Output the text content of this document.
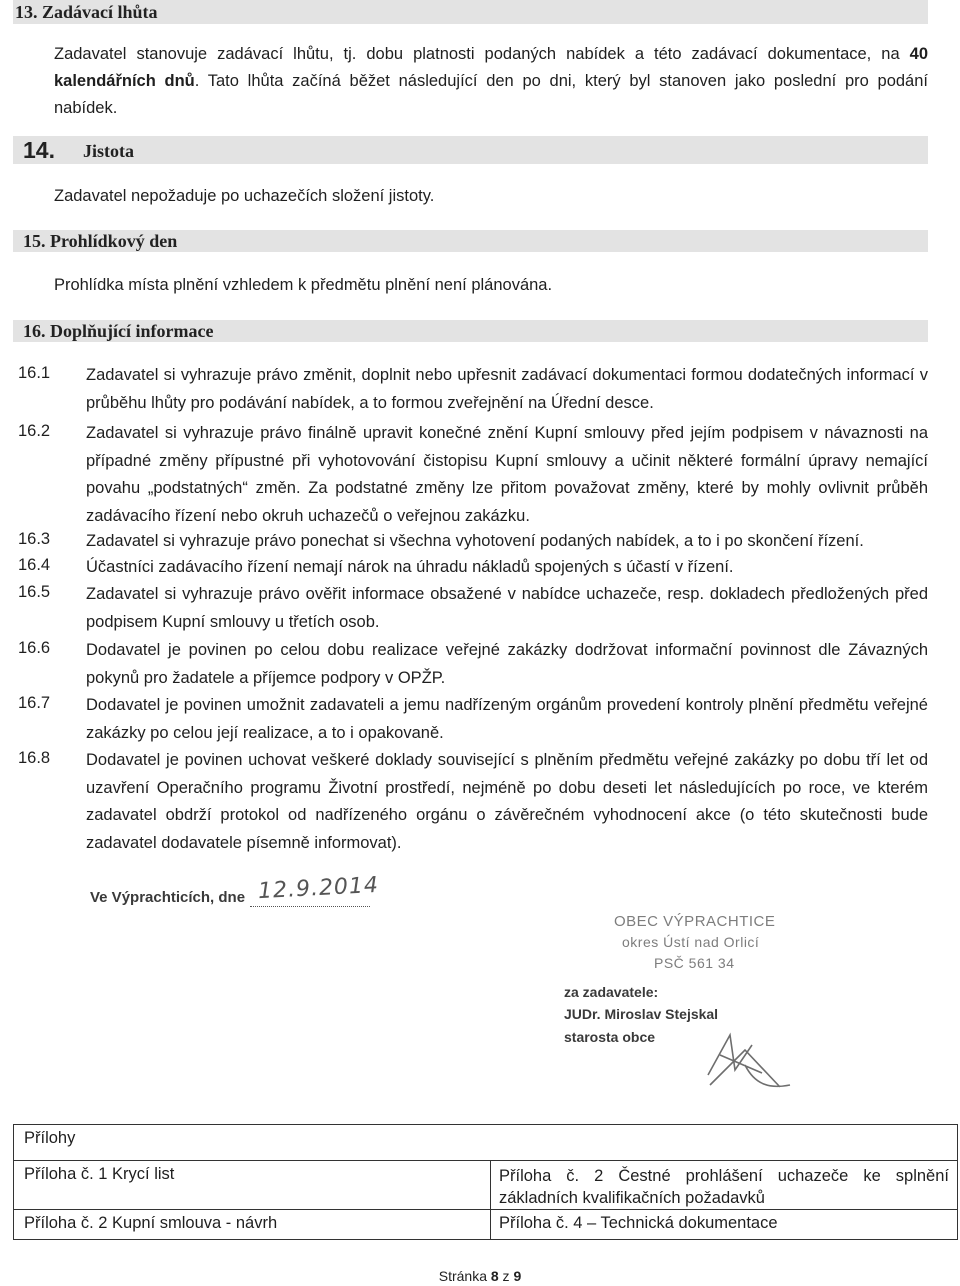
13. Zadávací lhůta
Zadavatel stanovuje zadávací lhůtu, tj. dobu platnosti podaných nabídek a této zadávací dokumentace, na 40 kalendářních dnů. Tato lhůta začíná běžet následující den po dni, který byl stanoven jako poslední pro podání nabídek.
14. Jistota
Zadavatel nepožaduje po uchazečích složení jistoty.
15. Prohlídkový den
Prohlídka místa plnění vzhledem k předmětu plnění není plánována.
16. Doplňující informace
16.1 Zadavatel si vyhrazuje právo změnit, doplnit nebo upřesnit zadávací dokumentaci formou dodatečných informací v průběhu lhůty pro podávání nabídek, a to formou zveřejnění na Úřední desce.
16.2 Zadavatel si vyhrazuje právo finálně upravit konečné znění Kupní smlouvy před jejím podpisem v návaznosti na případné změny přípustné při vyhotovování čistopisu Kupní smlouvy a učinit některé formální úpravy nemající povahu „podstatných“ změn. Za podstatné změny lze přitom považovat změny, které by mohly ovlivnit průběh zadávacího řízení nebo okruh uchazečů o veřejnou zakázku.
16.3 Zadavatel si vyhrazuje právo ponechat si všechna vyhotovení podaných nabídek, a to i po skončení řízení.
16.4 Účastníci zadávacího řízení nemají nárok na úhradu nákladů spojených s účastí v řízení.
16.5 Zadavatel si vyhrazuje právo ověřit informace obsažené v nabídce uchazeče, resp. dokladech předložených před podpisem Kupní smlouvy u třetích osob.
16.6 Dodavatel je povinen po celou dobu realizace veřejné zakázky dodržovat informační povinnost dle Závazných pokynů pro žadatele a příjemce podpory v OPŽP.
16.7 Dodavatel je povinen umožnit zadavateli a jemu nadřízeným orgánům provedení kontroly plnění předmětu veřejné zakázky po celou její realizace, a to i opakovaně.
16.8 Dodavatel je povinen uchovat veškeré doklady související s plněním předmětu veřejné zakázky po dobu tří let od uzavření Operačního programu Životní prostředí, nejméně po dobu deseti let následujících po roce, ve kterém zadavatel obdrží protokol od nadřízeného orgánu o závěrečném vyhodnocení akce (o této skutečnosti bude zadavatel dodavatele písemně informovat).
Ve Výprachticích, dne 12.9.2014
OBEC VÝPRACHTICE
okres Ústí nad Orlicí
PSČ 561 34
za zadavatele:
JUDr. Miroslav Stejskal
starosta obce
Přílohy	
Příloha č. 1 Krycí list	Příloha č. 2 Čestné prohlášení uchazeče ke splnění základních kvalifikačních požadavků
Příloha č. 2 Kupní smlouva - návrh	Příloha č. 4 – Technická dokumentace
Stránka 8 z 9
